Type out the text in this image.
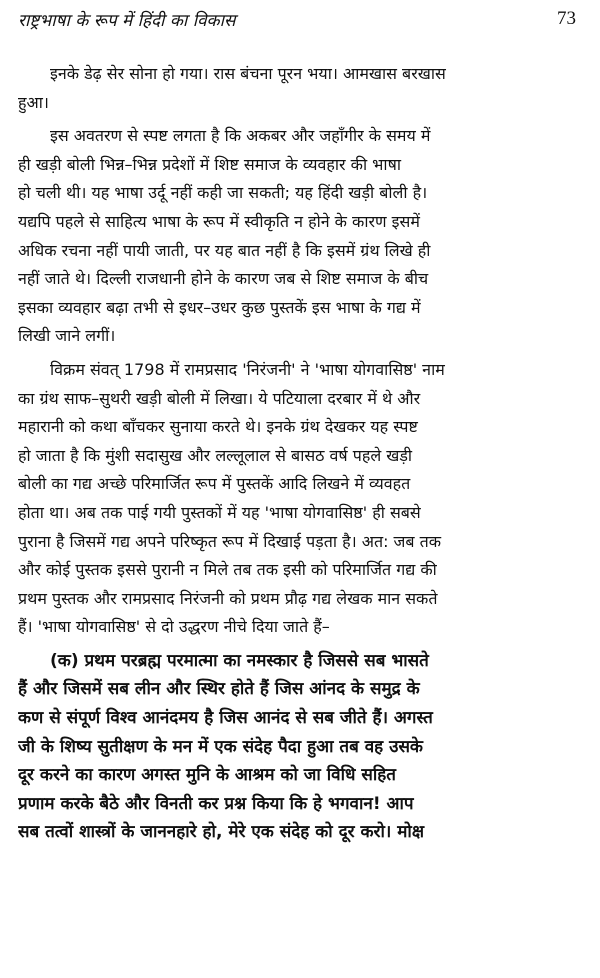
राष्ट्रभाषा के रूप में हिंदी का विकास	73
इनके डेढ़ सेर सोना हो गया। रास बंचना पूरन भया। आमखास बरखास
हुआ।
इस अवतरण से स्पष्ट लगता है कि अकबर और जहाँगीर के समय में
ही खड़ी बोली भिन्न–भिन्न प्रदेशों में शिष्ट समाज के व्यवहार की भाषा
हो चली थी। यह भाषा उर्दू नहीं कही जा सकती; यह हिंदी खड़ी बोली है।
यद्यपि पहले से साहित्य भाषा के रूप में स्वीकृति न होने के कारण इसमें
अधिक रचना नहीं पायी जाती, पर यह बात नहीं है कि इसमें ग्रंथ लिखे ही
नहीं जाते थे। दिल्ली राजधानी होने के कारण जब से शिष्ट समाज के बीच
इसका व्यवहार बढ़ा तभी से इधर–उधर कुछ पुस्तकें इस भाषा के गद्य में
लिखी जाने लगीं।
विक्रम संवत् 1798 में रामप्रसाद 'निरंजनी' ने 'भाषा योगवासिष्ठ' नाम
का ग्रंथ साफ–सुथरी खड़ी बोली में लिखा। ये पटियाला दरबार में थे और
महारानी को कथा बाँचकर सुनाया करते थे। इनके ग्रंथ देखकर यह स्पष्ट
हो जाता है कि मुंशी सदासुख और लल्लूलाल से बासठ वर्ष पहले खड़ी
बोली का गद्य अच्छे परिमार्जित रूप में पुस्तकें आदि लिखने में व्यवहत
होता था। अब तक पाई गयी पुस्तकों में यह 'भाषा योगवासिष्ठ' ही सबसे
पुराना है जिसमें गद्य अपने परिष्कृत रूप में दिखाई पड़ता है। अत: जब तक
और कोई पुस्तक इससे पुरानी न मिले तब तक इसी को परिमार्जित गद्य की
प्रथम पुस्तक और रामप्रसाद निरंजनी को प्रथम प्रौढ़ गद्य लेखक मान सकते
हैं। 'भाषा योगवासिष्ठ' से दो उद्धरण नीचे दिया जाते हैं–
(क) प्रथम परब्रह्म परमात्मा का नमस्कार है जिससे सब भासते
हैं और जिसमें सब लीन और स्थिर होते हैं जिस आंनद के समुद्र के
कण से संपूर्ण विश्व आनंदमय है जिस आनंद से सब जीते हैं। अगस्त
जी के शिष्य सुतीक्षण के मन में एक संदेह पैदा हुआ तब वह उसके
दूर करने का कारण अगस्त मुनि के आश्रम को जा विधि सहित
प्रणाम करके बैठे और विनती कर प्रश्न किया कि हे भगवान! आप
सब तत्वों शास्त्रों के जाननहारे हो, मेरे एक संदेह को दूर करो। मोक्ष
